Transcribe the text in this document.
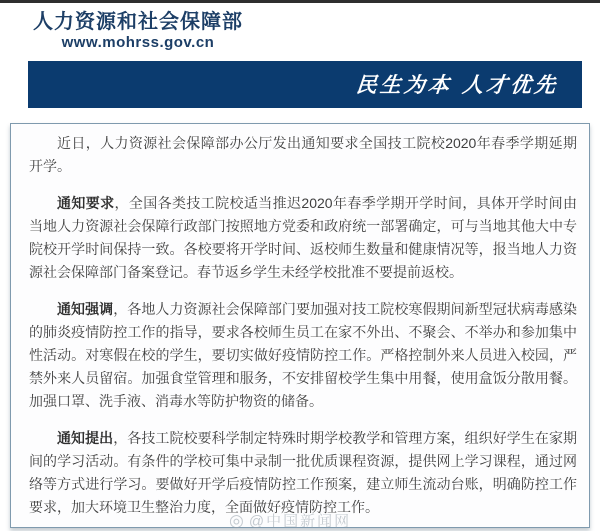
人力资源和社会保障部
www.mohrss.gov.cn
民生为本 人才优先

近日，人力资源社会保障部办公厅发出通知要求全国技工院校2020年春季学期延期开学。

通知要求，全国各类技工院校适当推迟2020年春季学期开学时间，具体开学时间由当地人力资源社会保障行政部门按照地方党委和政府统一部署确定，可与当地其他大中专院校开学时间保持一致。各校要将开学时间、返校师生数量和健康情况等，报当地人力资源社会保障部门备案登记。春节返乡学生未经学校批准不要提前返校。

通知强调，各地人力资源社会保障部门要加强对技工院校寒假期间新型冠状病毒感染的肺炎疫情防控工作的指导，要求各校师生员工在家不外出、不聚会、不举办和参加集中性活动。对寒假在校的学生，要切实做好疫情防控工作。严格控制外来人员进入校园，严禁外来人员留宿。加强食堂管理和服务，不安排留校学生集中用餐，使用盒饭分散用餐。加强口罩、洗手液、消毒水等防护物资的储备。

通知提出，各技工院校要科学制定特殊时期学校教学和管理方案，组织好学生在家期间的学习活动。有条件的学校可集中录制一批优质课程资源，提供网上学习课程，通过网络等方式进行学习。要做好开学后疫情防控工作预案，建立师生流动台账，明确防控工作要求，加大环境卫生整治力度，全面做好疫情防控工作。

◎ @中国新闻网
